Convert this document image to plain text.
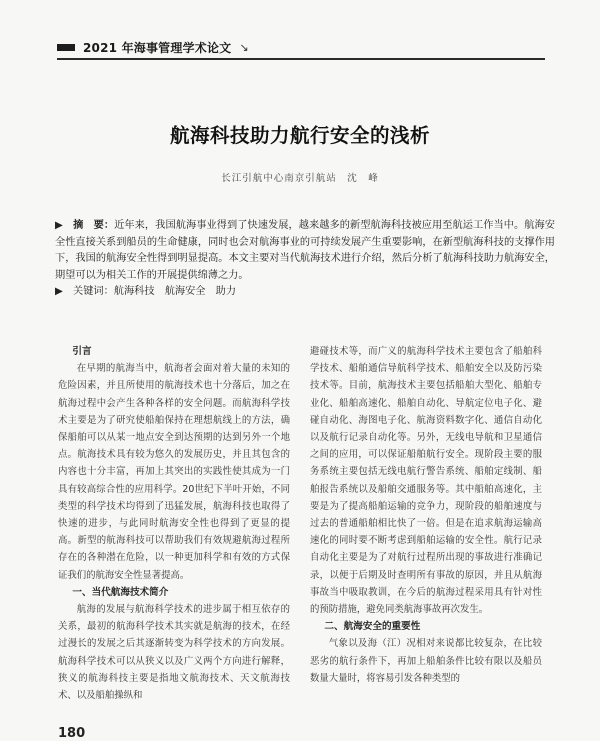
2021 年海事管理学术论文 ↘
航海科技助力航行安全的浅析
长江引航中心南京引航站　沈　峰

▶　摘　要：近年来，我国航海事业得到了快速发展，越来越多的新型航海科技被应用至航运工作当中。航海安全性直接关系到船员的生命健康，同时也会对航海事业的可持续发展产生重要影响，在新型航海科技的支撑作用下，我国的航海安全性得到明显提高。本文主要对当代航海技术进行介绍，然后分析了航海科技助力航海安全，期望可以为相关工作的开展提供绵薄之力。

▶　关键词：航海科技　航海安全　助力

引言

在早期的航海当中，航海者会面对着大量的未知的危险因素，并且所使用的航海技术也十分落后，加之在航海过程中会产生各种各样的安全问题。而航海科学技术主要是为了研究使船舶保持在理想航线上的方法，确保船舶可以从某一地点安全到达预期的达到另外一个地点。航海技术具有较为悠久的发展历史，并且其包含的内容也十分丰富，再加上其突出的实践性使其成为一门具有较高综合性的应用科学。20世纪下半叶开始，不同类型的科学技术均得到了迅猛发展，航海科技也取得了快速的进步，与此同时航海安全性也得到了更显的提高。新型的航海科技可以帮助我们有效规避航海过程所存在的各种潜在危险，以一种更加科学和有效的方式保证我们的航海安全性显著提高。

一、当代航海技术简介

航海的发展与航海科学技术的进步属于相互依存的关系，最初的航海科学技术其实就是航海的技术，在经过漫长的发展之后其逐渐转变为科学技术的方向发展。航海科学技术可以从狭义以及广义两个方向进行解释，狭义的航海科技主要是指地文航海技术、天文航海技术、以及船舶操纵和

避碰技术等，而广义的航海科学技术主要包含了船舶科学技术、船舶通信导航科学技术、船舶安全以及防污染技术等。目前，航海技术主要包括船舶大型化、船舶专业化、船舶高速化、船舶自动化、导航定位电子化、避碰自动化、海图电子化、航海资料数字化、通信自动化以及航行记录自动化等。另外，无线电导航和卫星通信之间的应用，可以保证船舶航行安全。现阶段主要的服务系统主要包括无线电航行警告系统、船舶定线制、船舶报告系统以及船舶交通服务等。其中船舶高速化，主要是为了提高船舶运输的竞争力，现阶段的船舶速度与过去的普通船舶相比快了一倍。但是在追求航海运输高速化的同时要不断考虑到船舶运输的安全性。航行记录自动化主要是为了对航行过程所出现的事故进行准确记录，以便于后期及时查明所有事故的原因，并且从航海事故当中吸取教训，在今后的航海过程采用具有针对性的预防措施，避免同类航海事故再次发生。

二、航海安全的重要性

气象以及海（江）况相对来说都比较复杂，在比较恶劣的航行条件下，再加上船舶条件比较有限以及船员数量大量时，将容易引发各种类型的

180
